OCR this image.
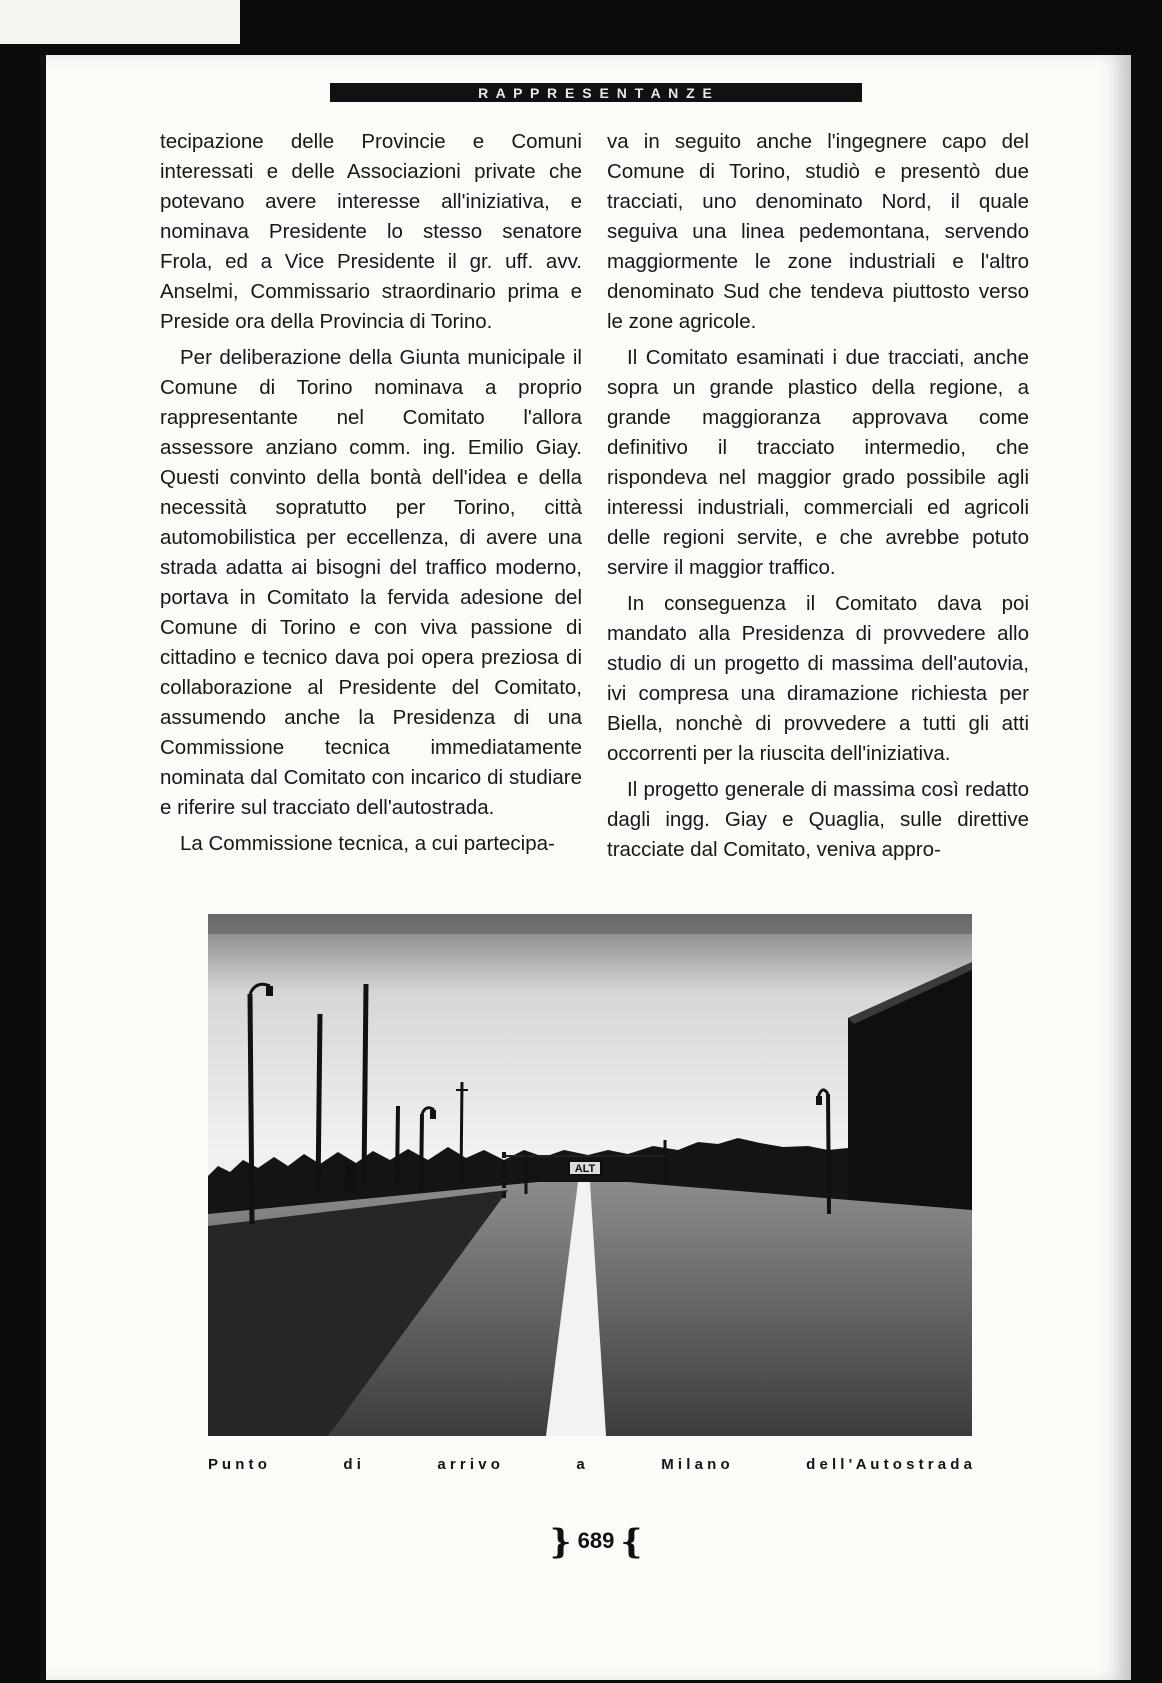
R A P P R E S E N T A N Z E

tecipazione delle Provincie e Comuni interessati e delle Associazioni private che potevano avere interesse all'iniziativa, e nominava Presidente lo stesso senatore Frola, ed a Vice Presidente il gr. uff. avv. Anselmi, Commissario straordinario prima e Preside ora della Provincia di Torino.

Per deliberazione della Giunta municipale il Comune di Torino nominava a proprio rappresentante nel Comitato l'allora assessore anziano comm. ing. Emilio Giay. Questi convinto della bontà dell'idea e della necessità sopratutto per Torino, città automobilistica per eccellenza, di avere una strada adatta ai bisogni del traffico moderno, portava in Comitato la fervida adesione del Comune di Torino e con viva passione di cittadino e tecnico dava poi opera preziosa di collaborazione al Presidente del Comitato, assumendo anche la Presidenza di una Commissione tecnica immediatamente nominata dal Comitato con incarico di studiare e riferire sul tracciato dell'autostrada.

La Commissione tecnica, a cui partecipa-

va in seguito anche l'ingegnere capo del Comune di Torino, studiò e presentò due tracciati, uno denominato Nord, il quale seguiva una linea pedemontana, servendo maggiormente le zone industriali e l'altro denominato Sud che tendeva piuttosto verso le zone agricole.

Il Comitato esaminati i due tracciati, anche sopra un grande plastico della regione, a grande maggioranza approvava come definitivo il tracciato intermedio, che rispondeva nel maggior grado possibile agli interessi industriali, commerciali ed agricoli delle regioni servite, e che avrebbe potuto servire il maggior traffico.

In conseguenza il Comitato dava poi mandato alla Presidenza di provvedere allo studio di un progetto di massima dell'autovia, ivi compresa una diramazione richiesta per Biella, nonchè di provvedere a tutti gli atti occorrenti per la riuscita dell'iniziativa.

Il progetto generale di massima così redatto dagli ingg. Giay e Quaglia, sulle direttive tracciate dal Comitato, veniva appro-

ALT
P u n t o	d i	a r r i v o	a	M i l a n o	d e l l ' A u t o s t r a d a
} 689 {
